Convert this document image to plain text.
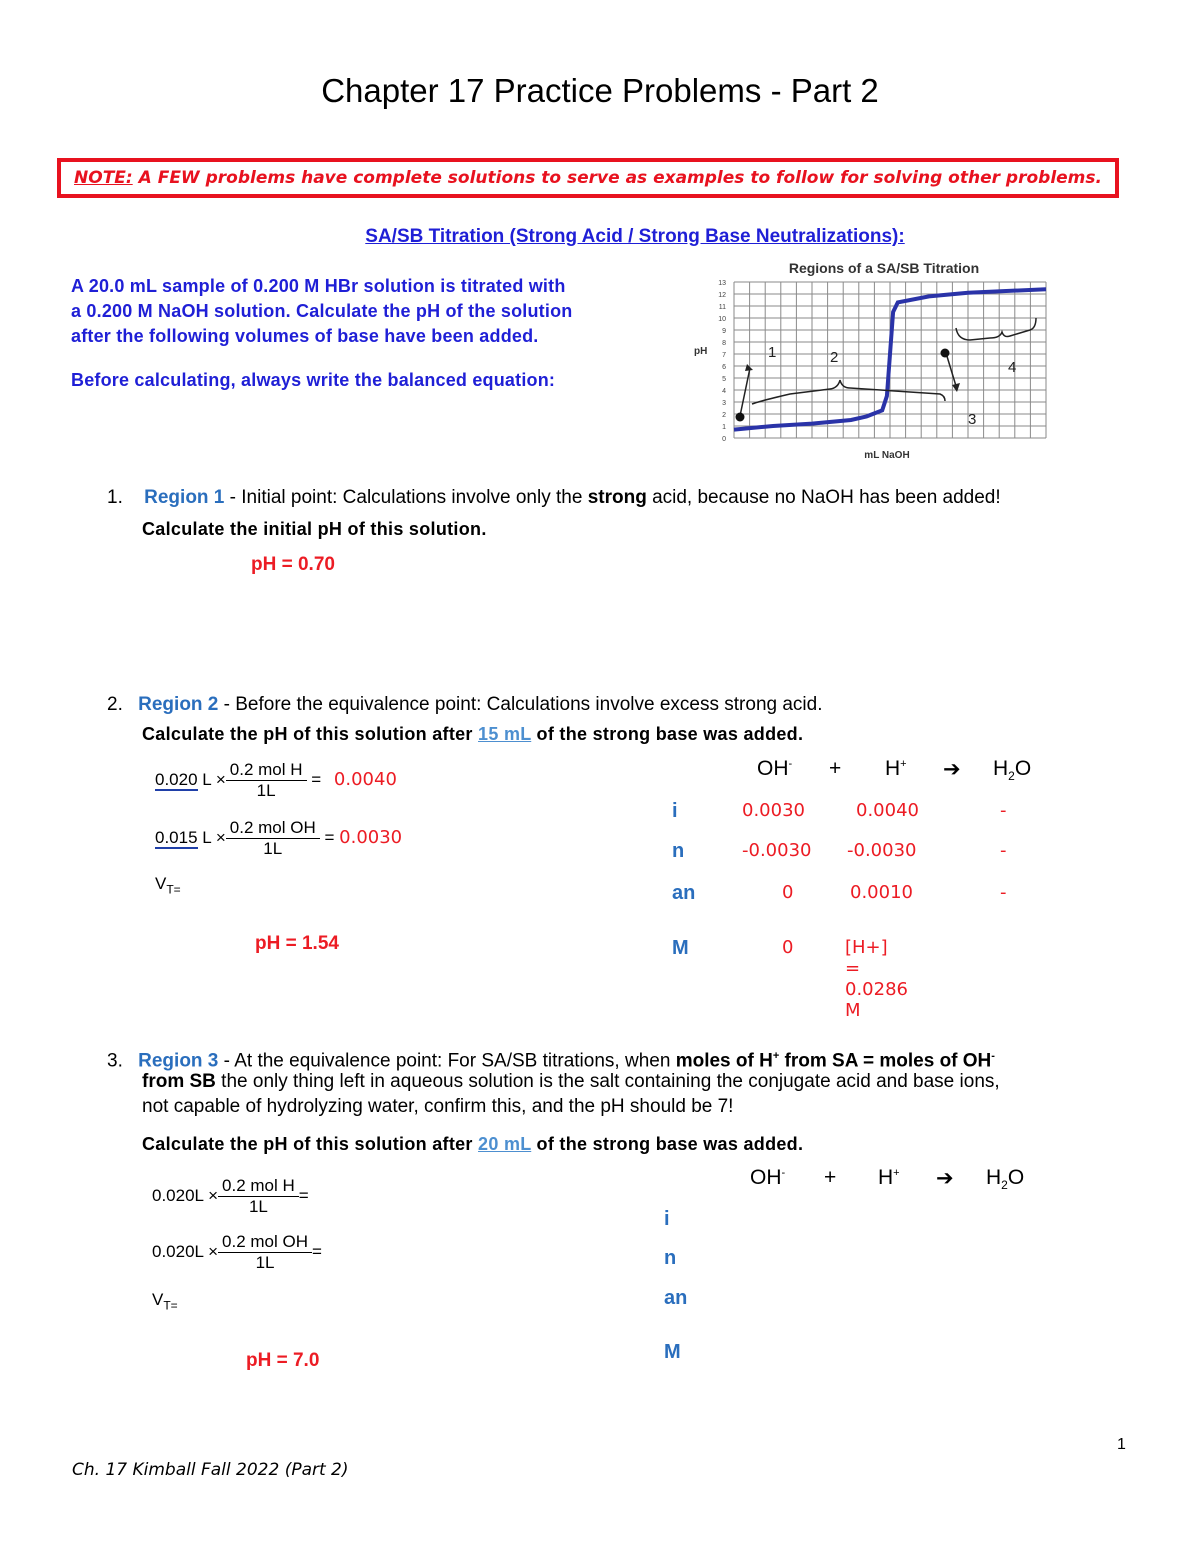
Chapter 17 Practice Problems - Part 2
NOTE: A FEW problems have complete solutions to serve as examples to follow for solving other problems.
SA/SB Titration (Strong Acid / Strong Base Neutralizations):
A 20.0 mL sample of 0.200 M HBr solution is titrated with
a 0.200 M NaOH solution. Calculate the pH of the solution
after the following volumes of base have been added.
Before calculating, always write the balanced equation:
Regions of a SA/SB Titration
pH
mL NaOH
0
1
2
3
4
5
6
7
8
9
10
11
12
13
1	2
3
4
1. Region 1 - Initial point: Calculations involve only the strong acid, because no NaOH has been added!
Calculate the initial pH of this solution.
pH = 0.70
2. Region 2 - Before the equivalence point: Calculations involve excess strong acid.
Calculate the pH of this solution after 15 mL of the strong base was added.
0.020 $L \times \frac{\text{0.2 mol H}}{1L} = 0.0040$
0.015 $L \times \frac{\text{0.2 mol OH}}{1L} = 0.0030$
$V_{T=}$
pH = 1.54
OH- + H+ ➔ $H_2O$
i	0.0030	0.0040	-
n	-0.0030 -0.0030	-
an	0	0.0010	-
M	0	[H+] = 0.0286 M
3. Region 3 - At the equivalence point: For SA/SB titrations, when moles of H+ from SA = moles of OH-
from SB the only thing left in aqueous solution is the salt containing the conjugate acid and base ions,
not capable of hydrolyzing water, confirm this, and the pH should be 7!
Calculate the pH of this solution after 20 mL of the strong base was added.
$0.020L \times \frac{\text{0.2 mol H}}{1L}$ =
$0.020L \times \frac{\text{0.2 mol OH}}{1L}$ =
$V_{T=}$
pH = 7.0
OH- + H+ ➔ $H_2O$
i
n
an
M
1
Ch. 17 Kimball Fall 2022 (Part 2)
